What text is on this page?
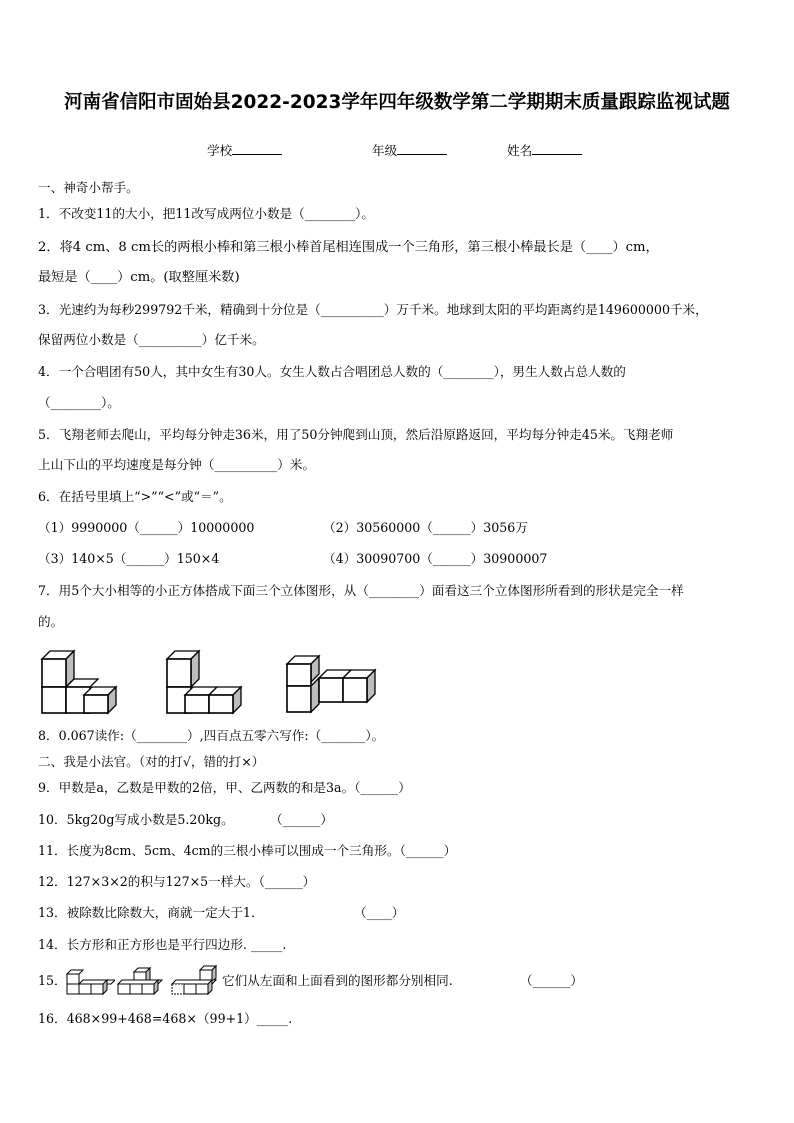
河南省信阳市固始县2022-2023学年四年级数学第二学期期末质量跟踪监视试题
学校	年级	姓名
一、神奇小帮手。
1．不改变11的大小，把11改写成两位小数是（________）。
2．将4 cm、8 cm长的两根小棒和第三根小棒首尾相连围成一个三角形，第三根小棒最长是（____）cm，
最短是（____）cm。(取整厘米数)
3．光速约为每秒299792千米，精确到十分位是（__________）万千米。地球到太阳的平均距离约是149600000千米，
保留两位小数是（__________）亿千米。
4．一个合唱团有50人，其中女生有30人。女生人数占合唱团总人数的（________），男生人数占总人数的
（________）。
5．飞翔老师去爬山，平均每分钟走36米，用了50分钟爬到山顶，然后沿原路返回，平均每分钟走45米。飞翔老师
上山下山的平均速度是每分钟（__________）米。
6．在括号里填上“>”“<”或“＝”。
（1）9990000（______）10000000	（2）30560000（______）3056万
（3）140×5（______）150×4	（4）30090700（______）30900007
7．用5个大小相等的小正方体搭成下面三个立体图形，从（________）面看这三个立体图形所看到的形状是完全一样
的。
8．0.067读作:（________）,四百点五零六写作:（_______）。
二、我是小法官。（对的打√，错的打×）
9．甲数是a，乙数是甲数的2倍，甲、乙两数的和是3a。（______）
10．5kg20g写成小数是5.20kg。	（______）
11．长度为8cm、5cm、4cm的三根小棒可以围成一个三角形。（______）
12．127×3×2的积与127×5一样大。（______）
13．被除数比除数大，商就一定大于1．	（____）
14．长方形和正方形也是平行四边形. _____.
15．	它们从左面和上面看到的图形都分别相同.	（______）
16．468×99+468=468×（99+1）_____.
